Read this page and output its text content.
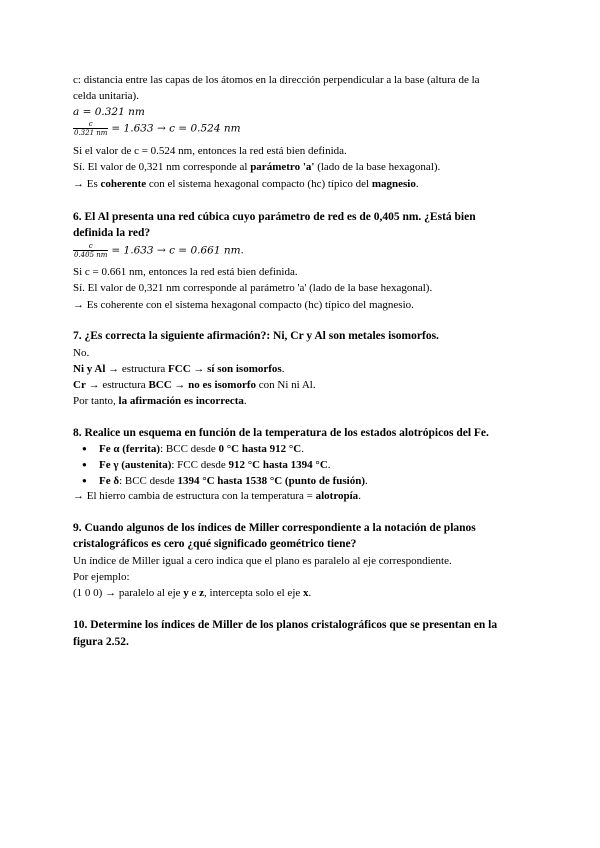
c: distancia entre las capas de los átomos en la dirección perpendicular a la base (altura de la
celda unitaria).
a = 0.321 nm
$\frac{c}{0.321 nm} = 1.633 \to c = 0.524$ nm
Si el valor de c = 0.524 nm, entonces la red está bien definida.
Sí. El valor de 0,321 nm corresponde al parámetro 'a' (lado de la base hexagonal).
→ Es coherente con el sistema hexagonal compacto (hc) típico del magnesio.
6. El Al presenta una red cúbica cuyo parámetro de red es de 0,405 nm. ¿Está bien
definida la red?
$\frac{c}{0.405 nm} = 1.633 \to c = 0.661$ nm.
Si c = 0.661 nm, entonces la red está bien definida.
Sí. El valor de 0,321 nm corresponde al parámetro 'a' (lado de la base hexagonal).
→ Es coherente con el sistema hexagonal compacto (hc) típico del magnesio.
7. ¿Es correcta la siguiente afirmación?: Ni, Cr y Al son metales isomorfos.
No.
Ni y Al → estructura FCC → sí son isomorfos.
Cr → estructura BCC → no es isomorfo con Ni ni Al.
Por tanto, la afirmación es incorrecta.
8. Realice un esquema en función de la temperatura de los estados alotrópicos del Fe.
● Fe α (ferrita): BCC desde 0 °C hasta 912 °C.
● Fe γ (austenita): FCC desde 912 °C hasta 1394 °C.
● Fe δ: BCC desde 1394 °C hasta 1538 °C (punto de fusión).
→ El hierro cambia de estructura con la temperatura = alotropía.
9. Cuando algunos de los índices de Miller correspondiente a la notación de planos
cristalográficos es cero ¿qué significado geométrico tiene?
Un índice de Miller igual a cero indica que el plano es paralelo al eje correspondiente.
Por ejemplo:
(1 0 0) → paralelo al eje y e z, intercepta solo el eje x.
10. Determine los índices de Miller de los planos cristalográficos que se presentan en la
figura 2.52.
